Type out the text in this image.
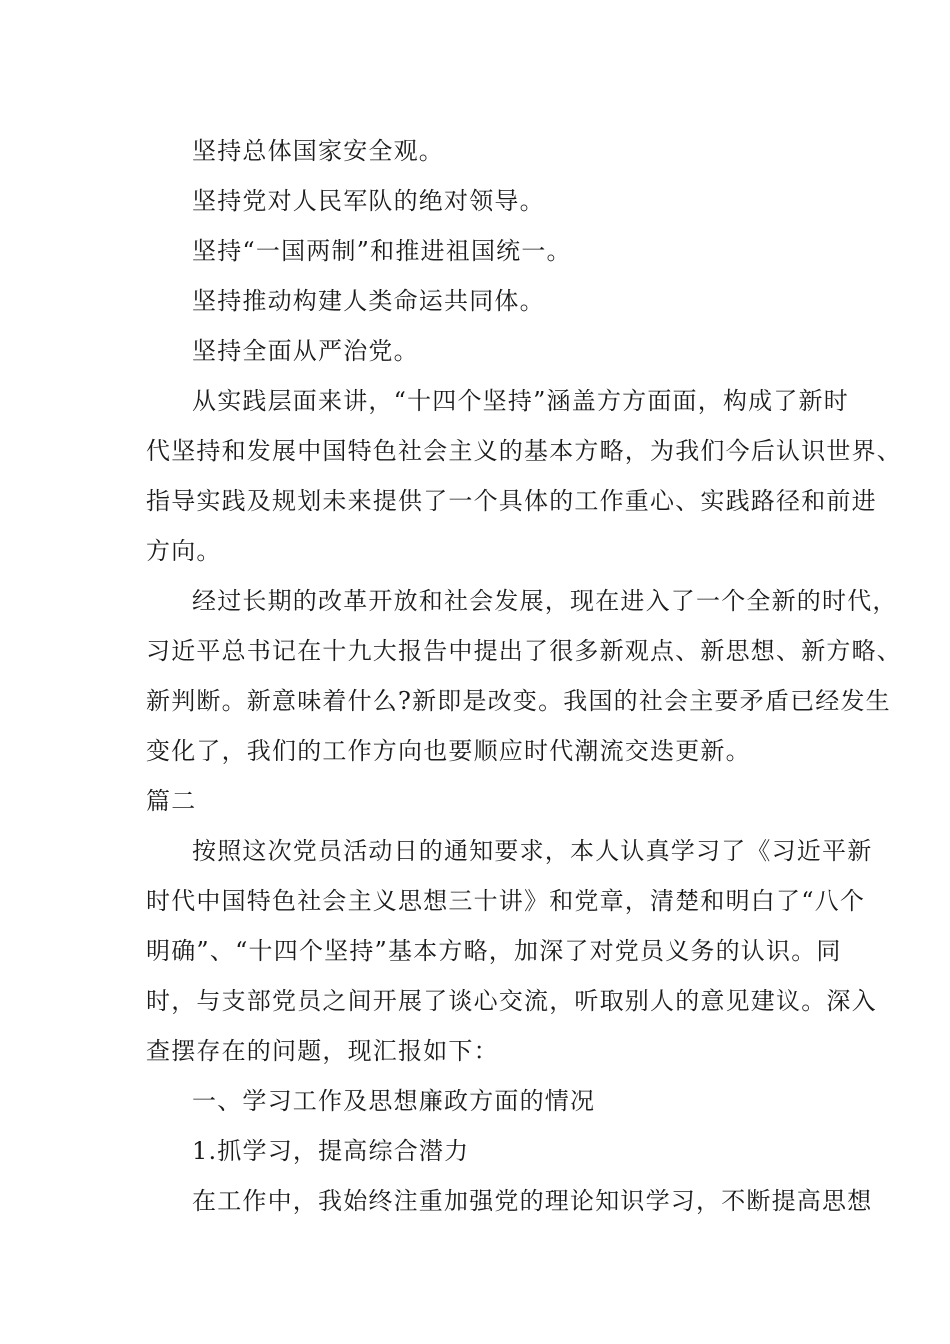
坚持总体国家安全观。
坚持党对人民军队的绝对领导。
坚持“一国两制”和推进祖国统一。
坚持推动构建人类命运共同体。
坚持全面从严治党。
从实践层面来讲，“十四个坚持”涵盖方方面面，构成了新时
代坚持和发展中国特色社会主义的基本方略，为我们今后认识世界、
指导实践及规划未来提供了一个具体的工作重心、实践路径和前进
方向。
经过长期的改革开放和社会发展，现在进入了一个全新的时代，
习近平总书记在十九大报告中提出了很多新观点、新思想、新方略、
新判断。新意味着什么?新即是改变。我国的社会主要矛盾已经发生
变化了，我们的工作方向也要顺应时代潮流交迭更新。
篇二
按照这次党员活动日的通知要求，本人认真学习了《习近平新
时代中国特色社会主义思想三十讲》和党章，清楚和明白了“八个
明确”、“十四个坚持”基本方略，加深了对党员义务的认识。同
时，与支部党员之间开展了谈心交流，听取别人的意见建议。深入
查摆存在的问题，现汇报如下：
一、学习工作及思想廉政方面的情况
1.抓学习，提高综合潜力
在工作中，我始终注重加强党的理论知识学习，不断提高思想
